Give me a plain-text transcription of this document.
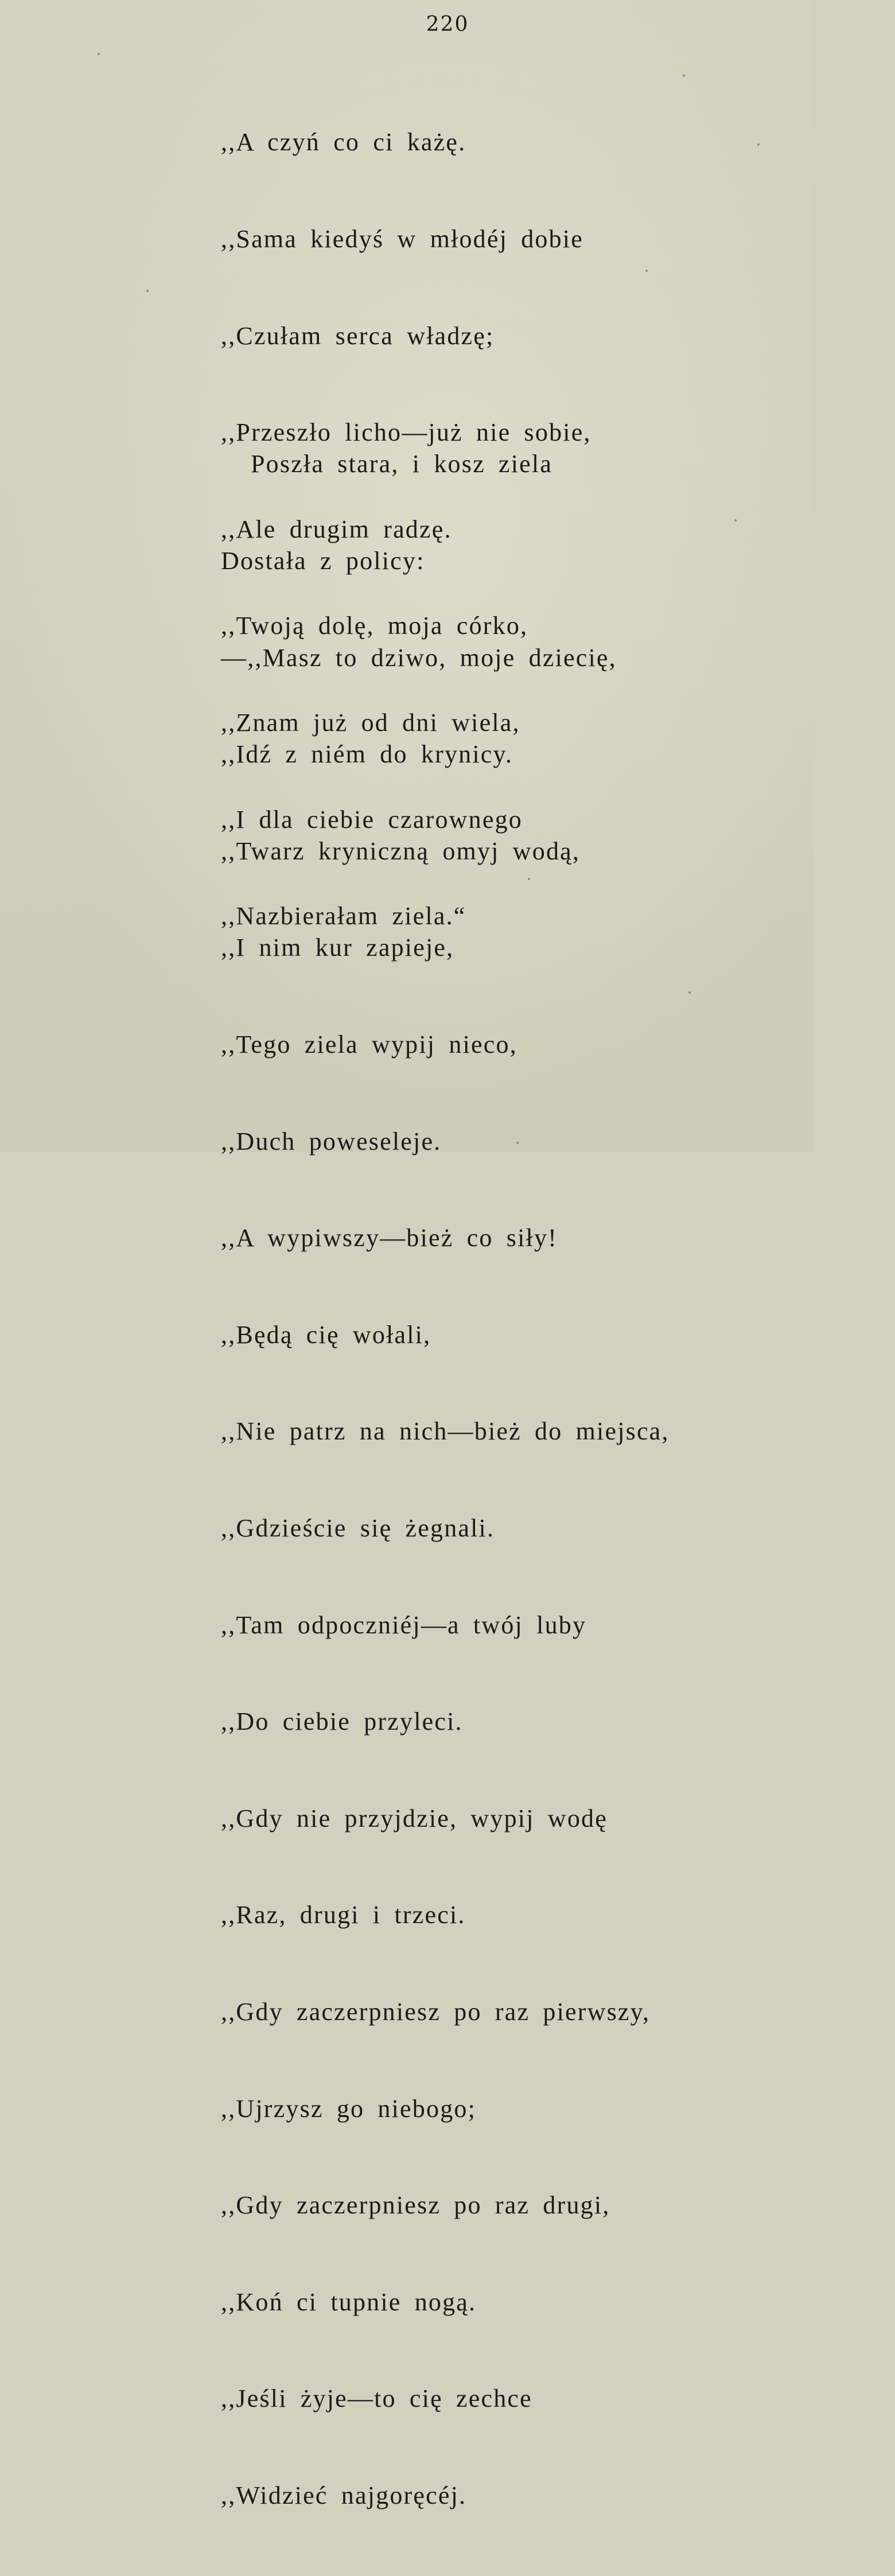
220

,,A czyń co ci każę.

,,Sama kiedyś w młodéj dobie

,,Czułam serca władzę;

,,Przeszło licho—już nie sobie,

,,Ale drugim radzę.

,,Twoją dolę, moja córko,

,,Znam już od dni wiela,

,,I dla ciebie czarownego

,,Nazbierałam ziela.“

Poszła stara, i kosz ziela

Dostała z policy:

—,,Masz to dziwo, moje dziecię,

,,Idź z niém do krynicy.

,,Twarz kryniczną omyj wodą,

,,I nim kur zapieje,

,,Tego ziela wypij nieco,

,,Duch poweseleje.

,,A wypiwszy—bież co siły!

,,Będą cię wołali,

,,Nie patrz na nich—bież do miejsca,

,,Gdzieście się żegnali.

,,Tam odpoczniéj—a twój luby

,,Do ciebie przyleci.

,,Gdy nie przyjdzie, wypij wodę

,,Raz, drugi i trzeci.

,,Gdy zaczerpniesz po raz pierwszy,

,,Ujrzysz go niebogo;

,,Gdy zaczerpniesz po raz drugi,

,,Koń ci tupnie nogą.

,,Jeśli żyje—to cię zechce

,,Widzieć najgoręcéj.
